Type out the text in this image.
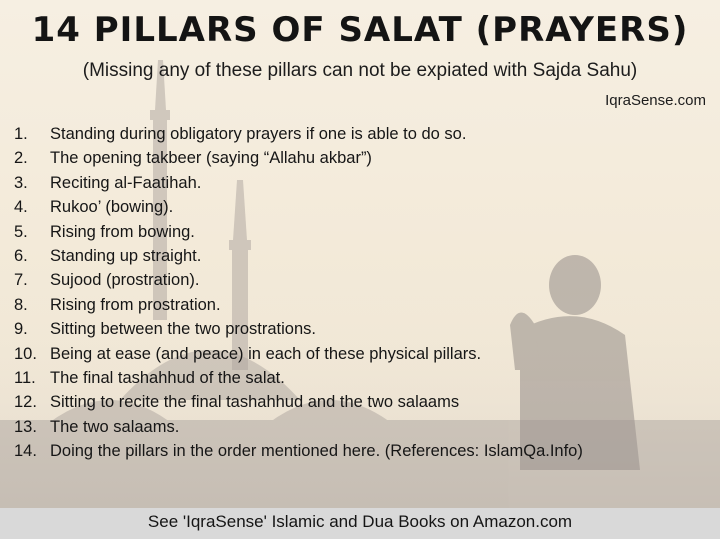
14 PILLARS OF SALAT (PRAYERS)
(Missing any of these pillars can not be expiated with Sajda Sahu)
IqraSense.com
1. Standing during obligatory prayers if one is able to do so.
2. The opening takbeer (saying “Allahu akbar”)
3. Reciting al-Faatihah.
4. Rukoo’ (bowing).
5. Rising from bowing.
6. Standing up straight.
7. Sujood (prostration).
8. Rising from prostration.
9. Sitting between the two prostrations.
10. Being at ease (and peace) in each of these physical pillars.
11. The final tashahhud of the salat.
12. Sitting to recite the final tashahhud and the two salaams
13. The two salaams.
14. Doing the pillars in the order mentioned here. (References: IslamQa.Info)
See 'IqraSense' Islamic and Dua Books on Amazon.com
